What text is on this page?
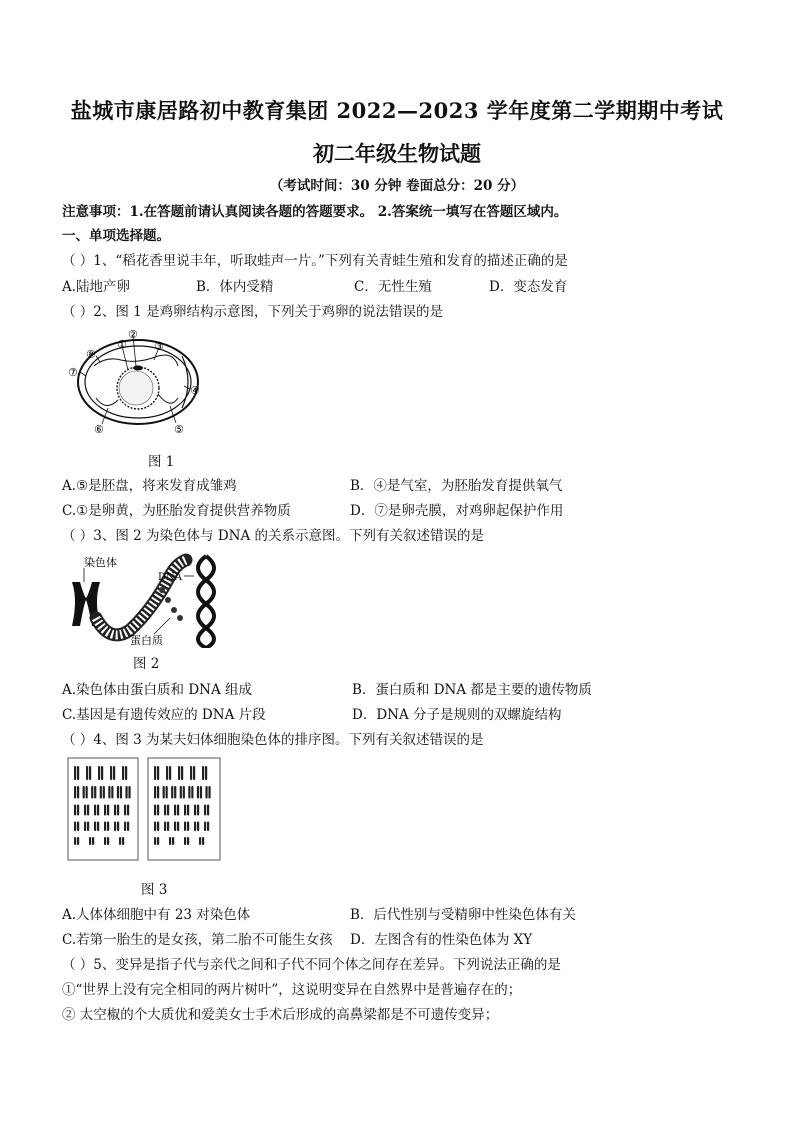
盐城市康居路初中教育集团 2022—2023 学年度第二学期期中考试
初二年级生物试题
（考试时间：30 分钟 卷面总分：20 分）
注意事项：1.在答题前请认真阅读各题的答题要求。 2.答案统一填写在答题区域内。
一、单项选择题。
（ ）1、“稻花香里说丰年，听取蛙声一片。”下列有关青蛙生殖和发育的描述正确的是
A.陆地产卵	B．体内受精	C．无性生殖	D．变态发育
（ ）2、图 1 是鸡卵结构示意图，下列关于鸡卵的说法错误的是
①
②
③
④
⑤
⑥
⑦
⑧
图 1
A.⑤是胚盘，将来发育成雏鸡	B．④是气室，为胚胎发育提供氧气
C.①是卵黄，为胚胎发育提供营养物质	D．⑦是卵壳膜，对鸡卵起保护作用
（ ）3、图 2 为染色体与 DNA 的关系示意图。下列有关叙述错误的是
染色体
DNA
蛋白质
图 2
A.染色体由蛋白质和 DNA 组成	B．蛋白质和 DNA 都是主要的遗传物质
C.基因是有遗传效应的 DNA 片段	D．DNA 分子是规则的双螺旋结构
（ ）4、图 3 为某夫妇体细胞染色体的排序图。下列有关叙述错误的是
图 3
A.人体体细胞中有 23 对染色体	B．后代性别与受精卵中性染色体有关
C.若第一胎生的是女孩，第二胎不可能生女孩 D．左图含有的性染色体为 XY
（ ）5、变异是指子代与亲代之间和子代不同个体之间存在差异。下列说法正确的是
①“世界上没有完全相同的两片树叶”，这说明变异在自然界中是普遍存在的；
② 太空椒的个大质优和爱美女士手术后形成的高鼻梁都是不可遗传变异；
